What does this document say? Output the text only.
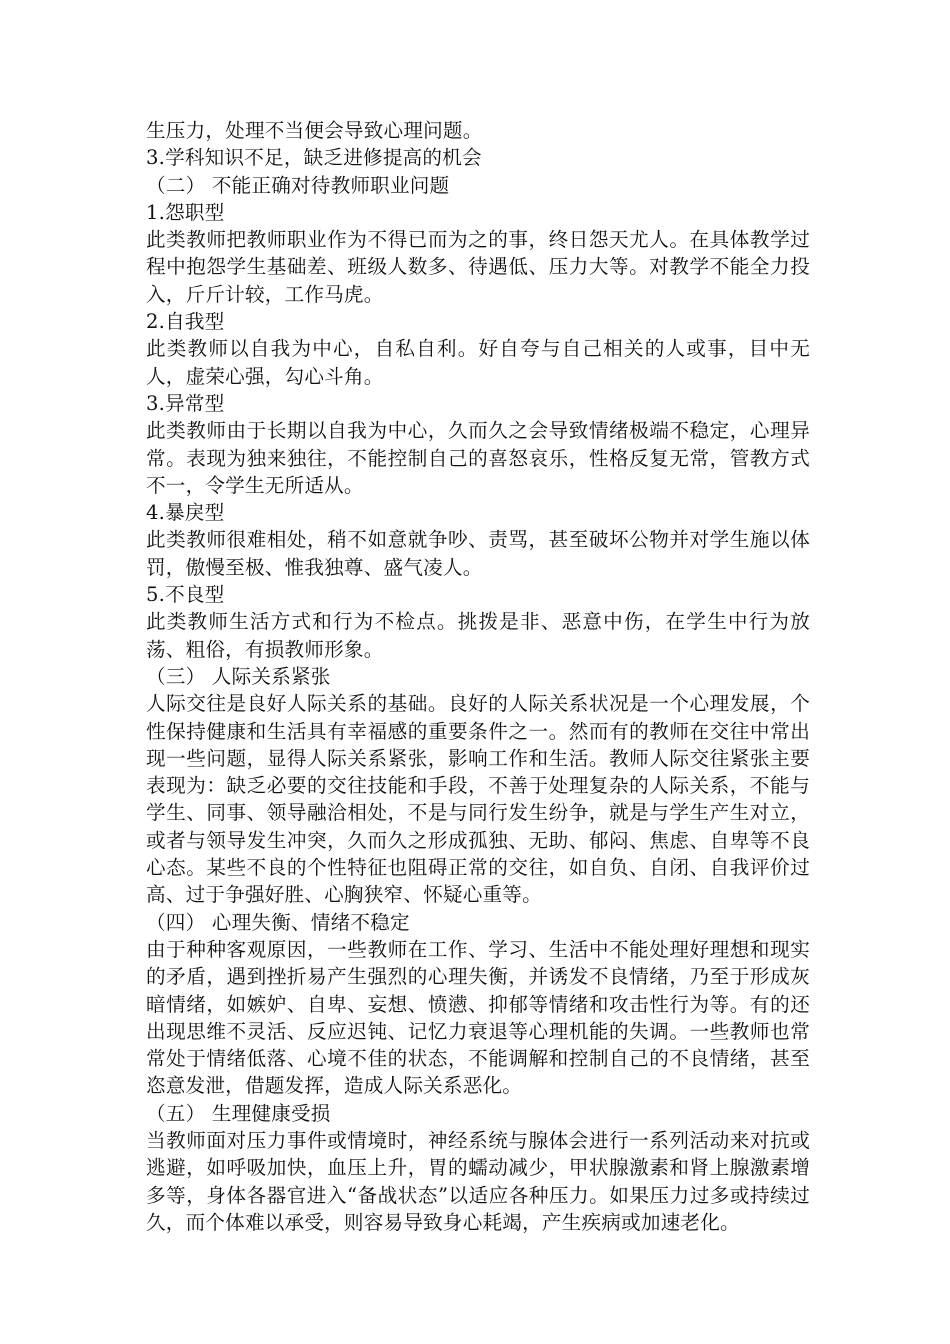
生压力，处理不当便会导致心理问题。

3.学科知识不足，缺乏进修提高的机会

（二） 不能正确对待教师职业问题

1.怨职型

此类教师把教师职业作为不得已而为之的事，终日怨天尤人。在具体教学过程中抱怨学生基础差、班级人数多、待遇低、压力大等。对教学不能全力投入，斤斤计较，工作马虎。

2.自我型

此类教师以自我为中心，自私自利。好自夸与自己相关的人或事，目中无人，虚荣心强，勾心斗角。

3.异常型

此类教师由于长期以自我为中心，久而久之会导致情绪极端不稳定，心理异常。表现为独来独往，不能控制自己的喜怒哀乐，性格反复无常，管教方式不一，令学生无所适从。

4.暴戾型

此类教师很难相处，稍不如意就争吵、责骂，甚至破坏公物并对学生施以体罚，傲慢至极、惟我独尊、盛气凌人。

5.不良型

此类教师生活方式和行为不检点。挑拨是非、恶意中伤，在学生中行为放荡、粗俗，有损教师形象。

（三） 人际关系紧张

人际交往是良好人际关系的基础。良好的人际关系状况是一个心理发展，个性保持健康和生活具有幸福感的重要条件之一。然而有的教师在交往中常出现一些问题，显得人际关系紧张，影响工作和生活。教师人际交往紧张主要表现为：缺乏必要的交往技能和手段，不善于处理复杂的人际关系，不能与学生、同事、领导融洽相处，不是与同行发生纷争，就是与学生产生对立，或者与领导发生冲突，久而久之形成孤独、无助、郁闷、焦虑、自卑等不良心态。某些不良的个性特征也阻碍正常的交往，如自负、自闭、自我评价过高、过于争强好胜、心胸狭窄、怀疑心重等。

（四） 心理失衡、情绪不稳定

由于种种客观原因，一些教师在工作、学习、生活中不能处理好理想和现实的矛盾，遇到挫折易产生强烈的心理失衡，并诱发不良情绪，乃至于形成灰暗情绪，如嫉妒、自卑、妄想、愤懑、抑郁等情绪和攻击性行为等。有的还出现思维不灵活、反应迟钝、记忆力衰退等心理机能的失调。一些教师也常常处于情绪低落、心境不佳的状态，不能调解和控制自己的不良情绪，甚至恣意发泄，借题发挥，造成人际关系恶化。

（五） 生理健康受损

当教师面对压力事件或情境时，神经系统与腺体会进行一系列活动来对抗或逃避，如呼吸加快，血压上升，胃的蠕动减少，甲状腺激素和肾上腺激素增多等，身体各器官进入“备战状态”以适应各种压力。如果压力过多或持续过久，而个体难以承受，则容易导致身心耗竭，产生疾病或加速老化。
